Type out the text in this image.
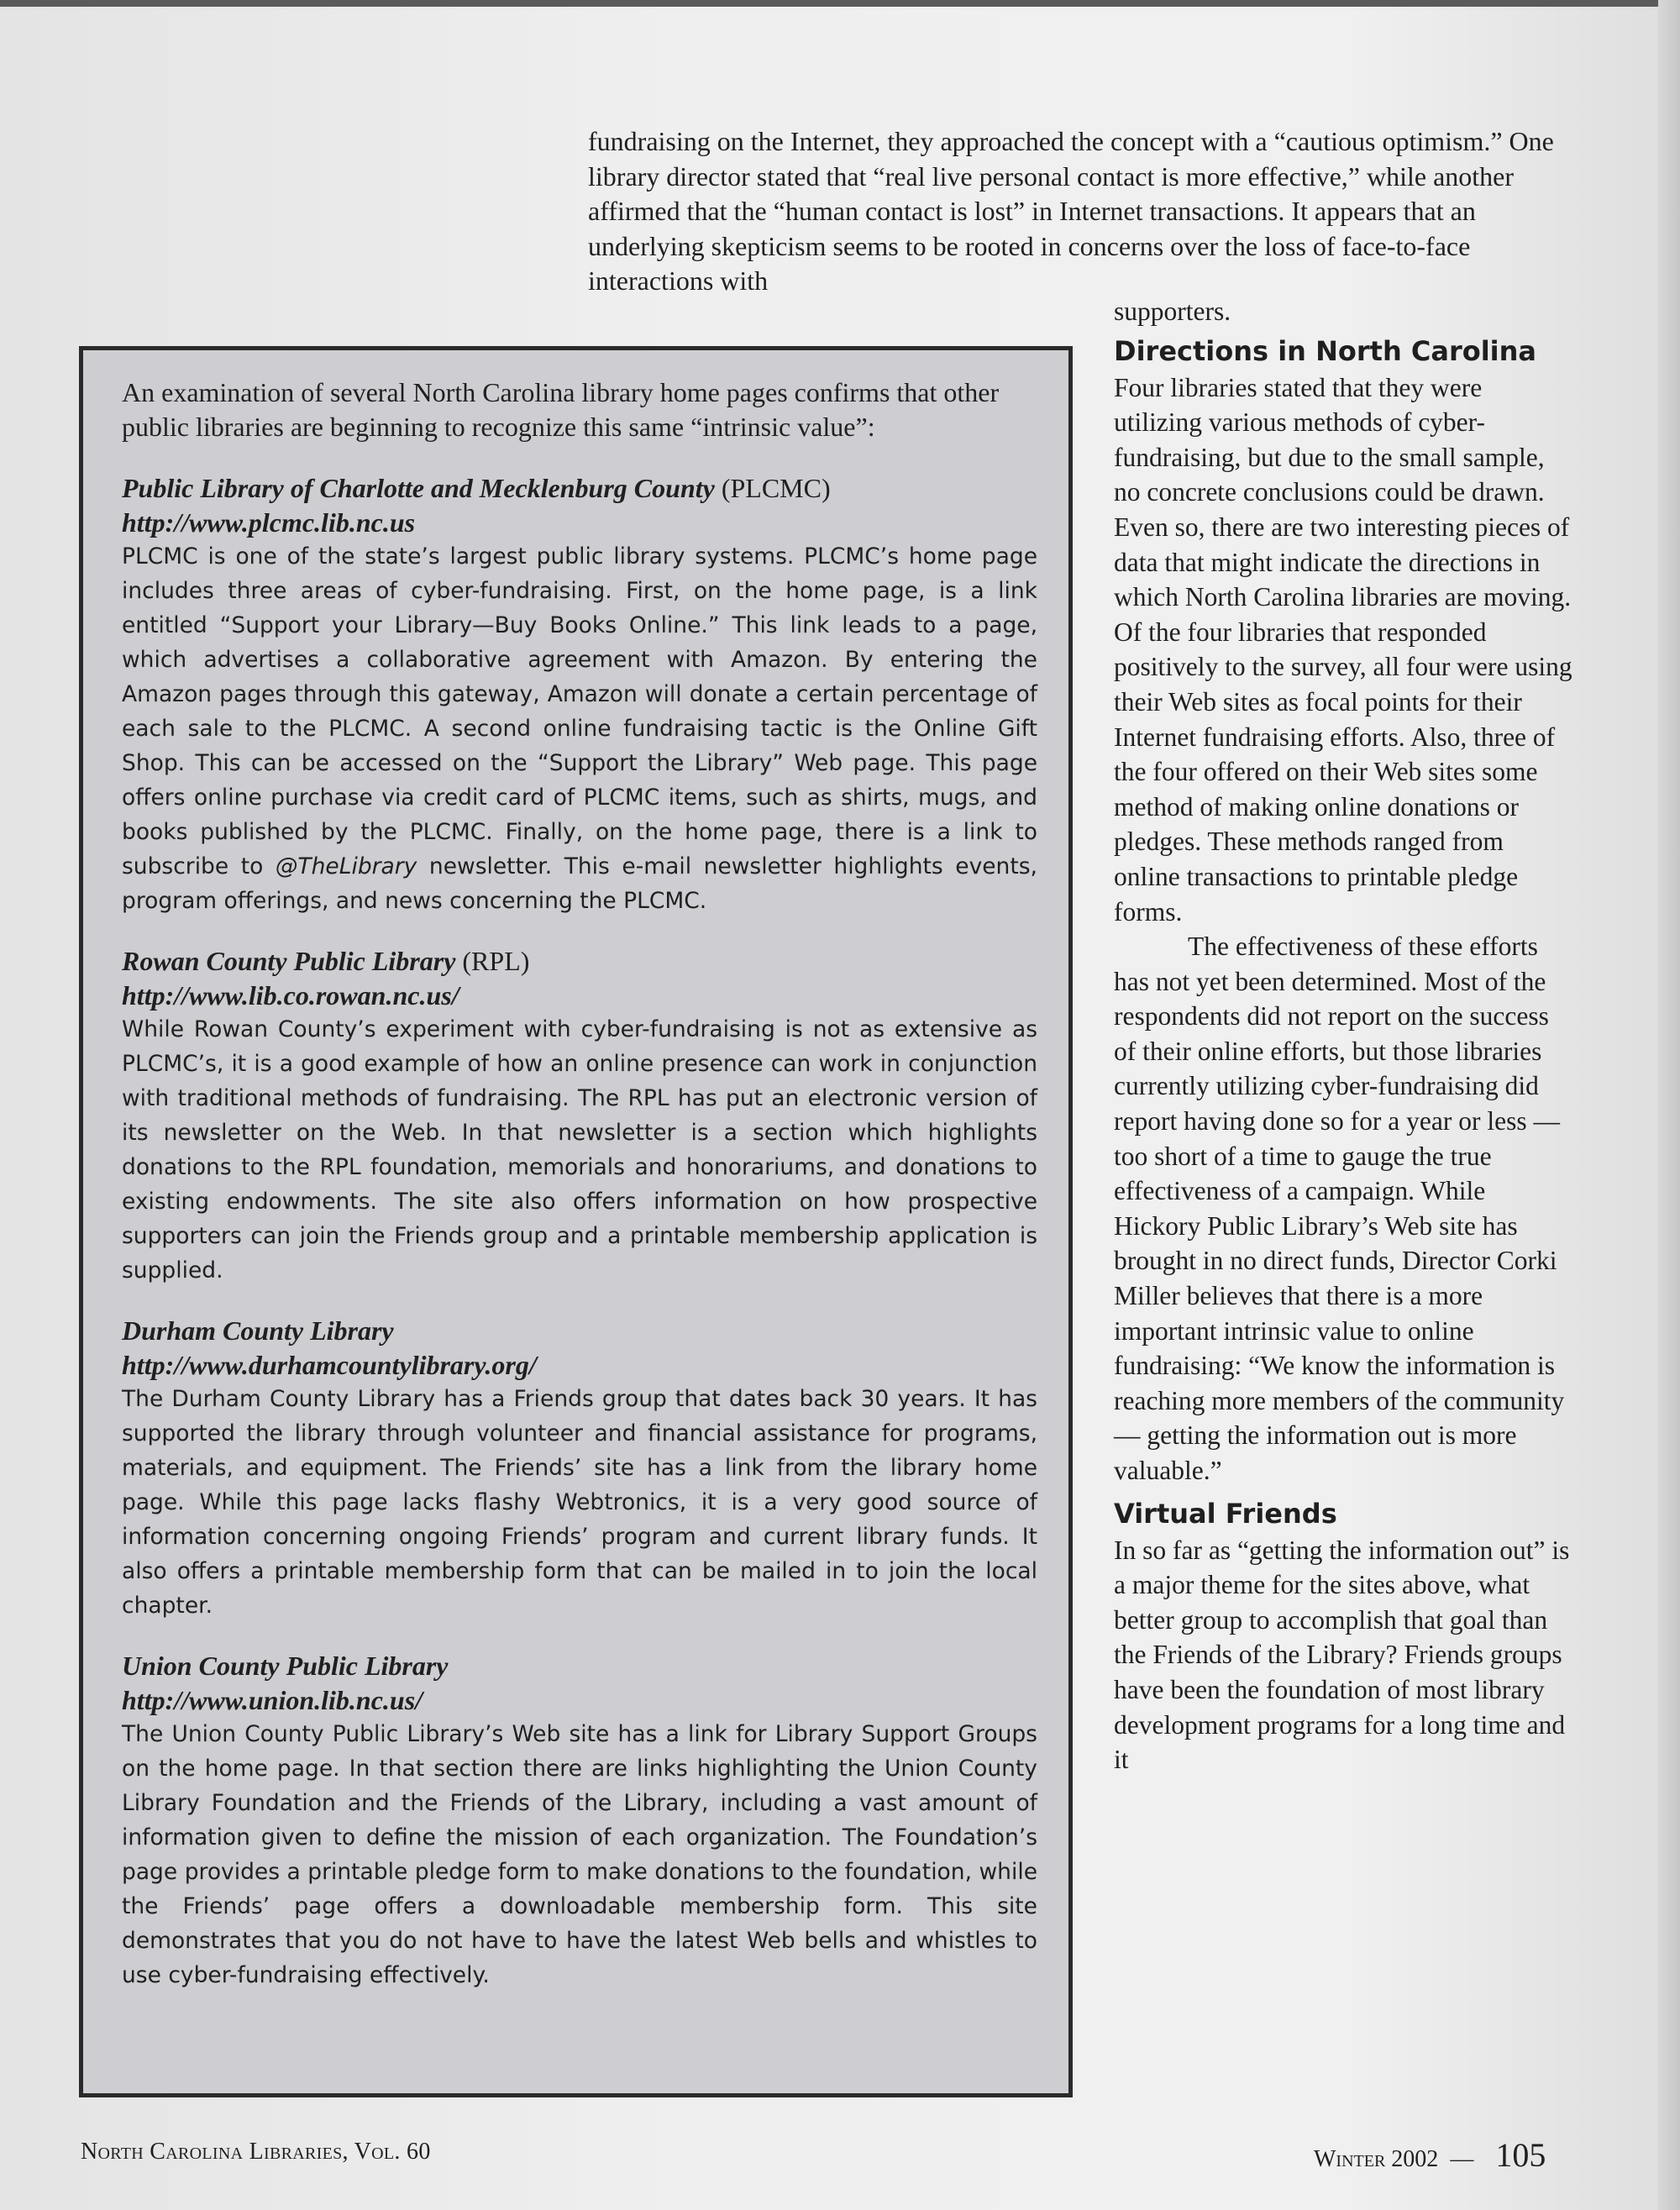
fundraising on the Internet, they approached the concept with a “cautious optimism.” One library director stated that “real live personal contact is more effective,” while another affirmed that the “human contact is lost” in Internet transactions. It appears that an underlying skepticism seems to be rooted in concerns over the loss of face-to-face interactions with

An examination of several North Carolina library home pages confirms that other public libraries are beginning to recognize this same “intrinsic value”:

Public Library of Charlotte and Mecklenburg County (PLCMC)

http://www.plcmc.lib.nc.us

PLCMC is one of the state’s largest public library systems. PLCMC’s home page includes three areas of cyber-fundraising. First, on the home page, is a link entitled “Support your Library—Buy Books Online.” This link leads to a page, which advertises a collaborative agreement with Amazon. By entering the Amazon pages through this gateway, Amazon will donate a certain percentage of each sale to the PLCMC. A second online fundraising tactic is the Online Gift Shop. This can be accessed on the “Support the Library” Web page. This page offers online purchase via credit card of PLCMC items, such as shirts, mugs, and books published by the PLCMC. Finally, on the home page, there is a link to subscribe to @TheLibrary newsletter. This e-mail newsletter highlights events, program offerings, and news concerning the PLCMC.

Rowan County Public Library (RPL)

http://www.lib.co.rowan.nc.us/

While Rowan County’s experiment with cyber-fundraising is not as extensive as PLCMC’s, it is a good example of how an online presence can work in conjunction with traditional methods of fundraising. The RPL has put an electronic version of its newsletter on the Web. In that newsletter is a section which highlights donations to the RPL foundation, memorials and honorariums, and donations to existing endowments. The site also offers information on how prospective supporters can join the Friends group and a printable membership application is supplied.

Durham County Library

http://www.durhamcountylibrary.org/

The Durham County Library has a Friends group that dates back 30 years. It has supported the library through volunteer and financial assistance for programs, materials, and equipment. The Friends’ site has a link from the library home page. While this page lacks flashy Webtronics, it is a very good source of information concerning ongoing Friends’ program and current library funds. It also offers a printable membership form that can be mailed in to join the local chapter.

Union County Public Library

http://www.union.lib.nc.us/

The Union County Public Library’s Web site has a link for Library Support Groups on the home page. In that section there are links highlighting the Union County Library Foundation and the Friends of the Library, including a vast amount of information given to define the mission of each organization. The Foundation’s page provides a printable pledge form to make donations to the foundation, while the Friends’ page offers a downloadable membership form. This site demonstrates that you do not have to have the latest Web bells and whistles to use cyber-fundraising effectively.

supporters.

Directions in North Carolina

Four libraries stated that they were utilizing various methods of cyber-fundraising, but due to the small sample, no concrete conclusions could be drawn. Even so, there are two interesting pieces of data that might indicate the directions in which North Carolina libraries are moving. Of the four libraries that responded positively to the survey, all four were using their Web sites as focal points for their Internet fundraising efforts. Also, three of the four offered on their Web sites some method of making online donations or pledges. These methods ranged from online transactions to printable pledge forms.

The effectiveness of these efforts has not yet been determined. Most of the respondents did not report on the success of their online efforts, but those libraries currently utilizing cyber-fundraising did report having done so for a year or less — too short of a time to gauge the true effectiveness of a campaign. While Hickory Public Library’s Web site has brought in no direct funds, Director Corki Miller believes that there is a more important intrinsic value to online fundraising: “We know the information is reaching more members of the community— getting the information out is more valuable.”

Virtual Friends

In so far as “getting the information out” is a major theme for the sites above, what better group to accomplish that goal than the Friends of the Library? Friends groups have been the foundation of most library development programs for a long time and it

North Carolina Libraries, Vol. 60	Winter 2002 — 105
